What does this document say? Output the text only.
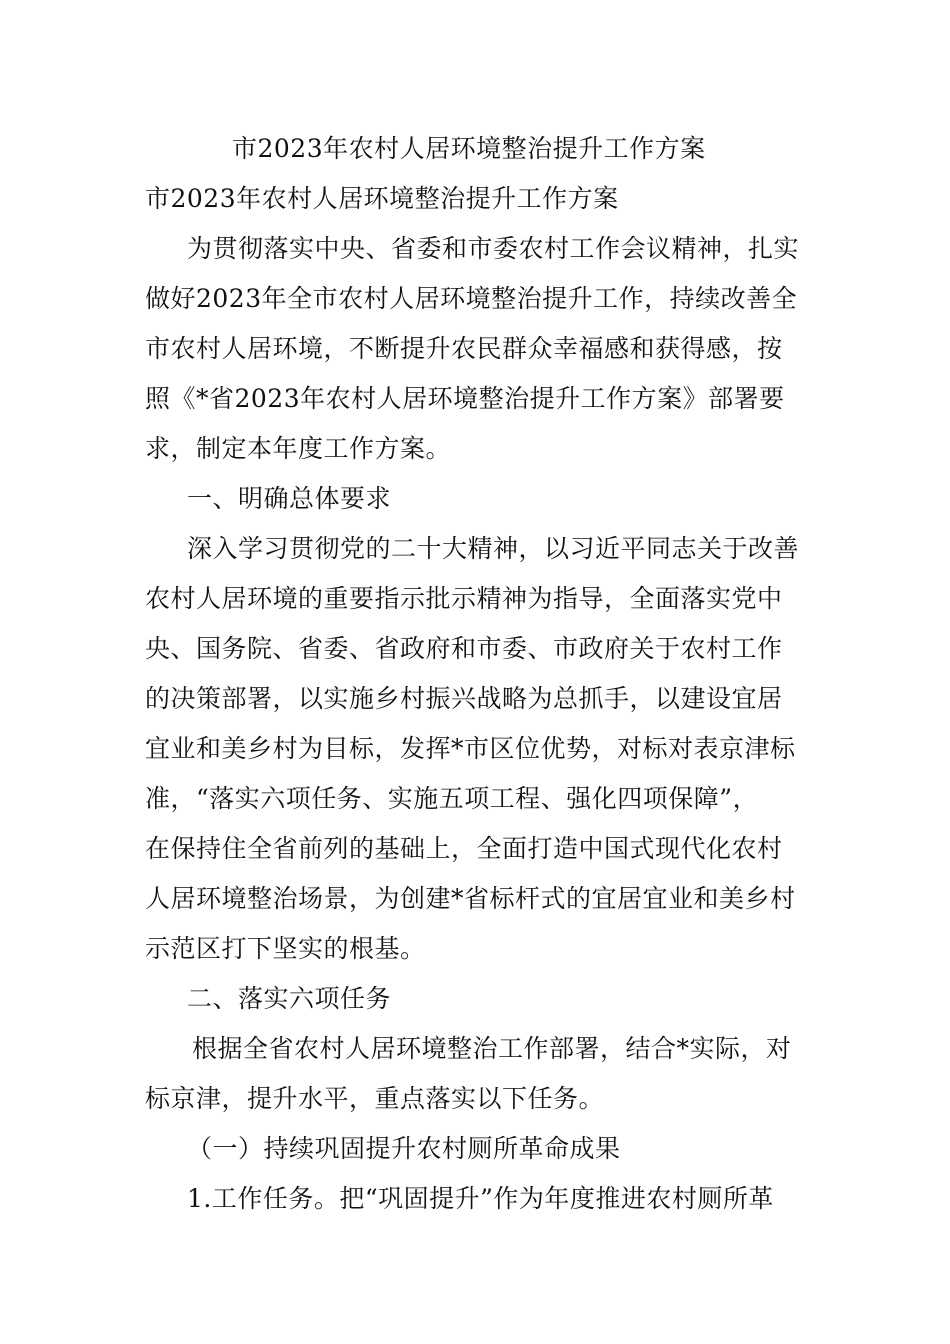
市2023年农村人居环境整治提升工作方案
市2023年农村人居环境整治提升工作方案
为贯彻落实中央、省委和市委农村工作会议精神，扎实
做好2023年全市农村人居环境整治提升工作，持续改善全
市农村人居环境，不断提升农民群众幸福感和获得感，按
照《*省2023年农村人居环境整治提升工作方案》部署要
求，制定本年度工作方案。
一、明确总体要求
深入学习贯彻党的二十大精神，以习近平同志关于改善
农村人居环境的重要指示批示精神为指导，全面落实党中
央、国务院、省委、省政府和市委、市政府关于农村工作
的决策部署，以实施乡村振兴战略为总抓手，以建设宜居
宜业和美乡村为目标，发挥*市区位优势，对标对表京津标
准，“落实六项任务、实施五项工程、强化四项保障”，
在保持住全省前列的基础上，全面打造中国式现代化农村
人居环境整治场景，为创建*省标杆式的宜居宜业和美乡村
示范区打下坚实的根基。
二、落实六项任务
根据全省农村人居环境整治工作部署，结合*实际，对
标京津，提升水平，重点落实以下任务。
（一）持续巩固提升农村厕所革命成果
1.工作任务。把“巩固提升”作为年度推进农村厕所革
